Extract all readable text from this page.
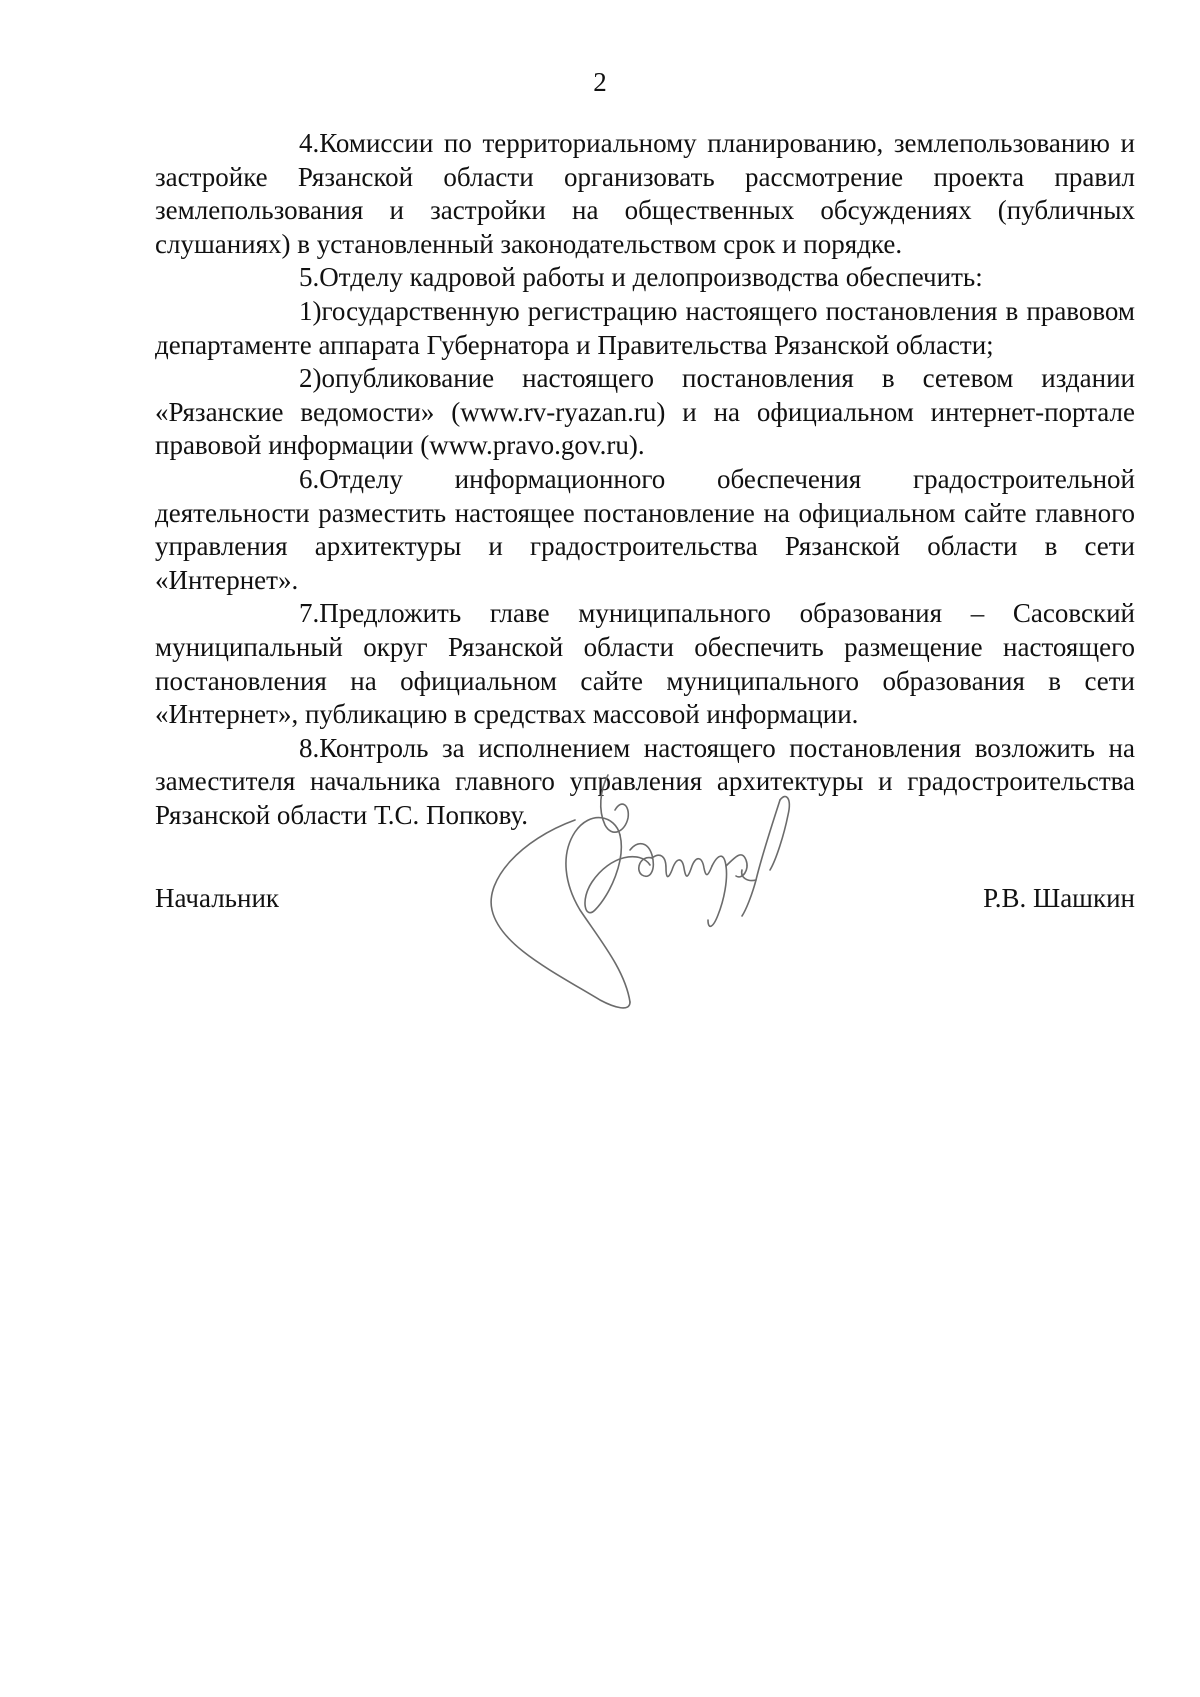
2

4.Комиссии по территориальному планированию, землепользованию и застройке Рязанской области организовать рассмотрение проекта правил землепользования и застройки на общественных обсуждениях (публичных слушаниях) в установленный законодательством срок и порядке.

5.Отделу кадровой работы и делопроизводства обеспечить:

1)государственную регистрацию настоящего постановления в правовом департаменте аппарата Губернатора и Правительства Рязанской области;

2)опубликование настоящего постановления в сетевом издании «Рязанские ведомости» (www.rv-ryazan.ru) и на официальном интернет-портале правовой информации (www.pravo.gov.ru).

6.Отделу информационного обеспечения градостроительной деятельности разместить настоящее постановление на официальном сайте главного управления архитектуры и градостроительства Рязанской области в сети «Интернет».

7.Предложить главе муниципального образования – Сасовский муниципальный округ Рязанской области обеспечить размещение настоящего постановления на официальном сайте муниципального образования в сети «Интернет», публикацию в средствах массовой информации.

8.Контроль за исполнением настоящего постановления возложить на заместителя начальника главного управления архитектуры и градостроительства Рязанской области Т.С. Попкову.

Начальник	Р.В. Шашкин
